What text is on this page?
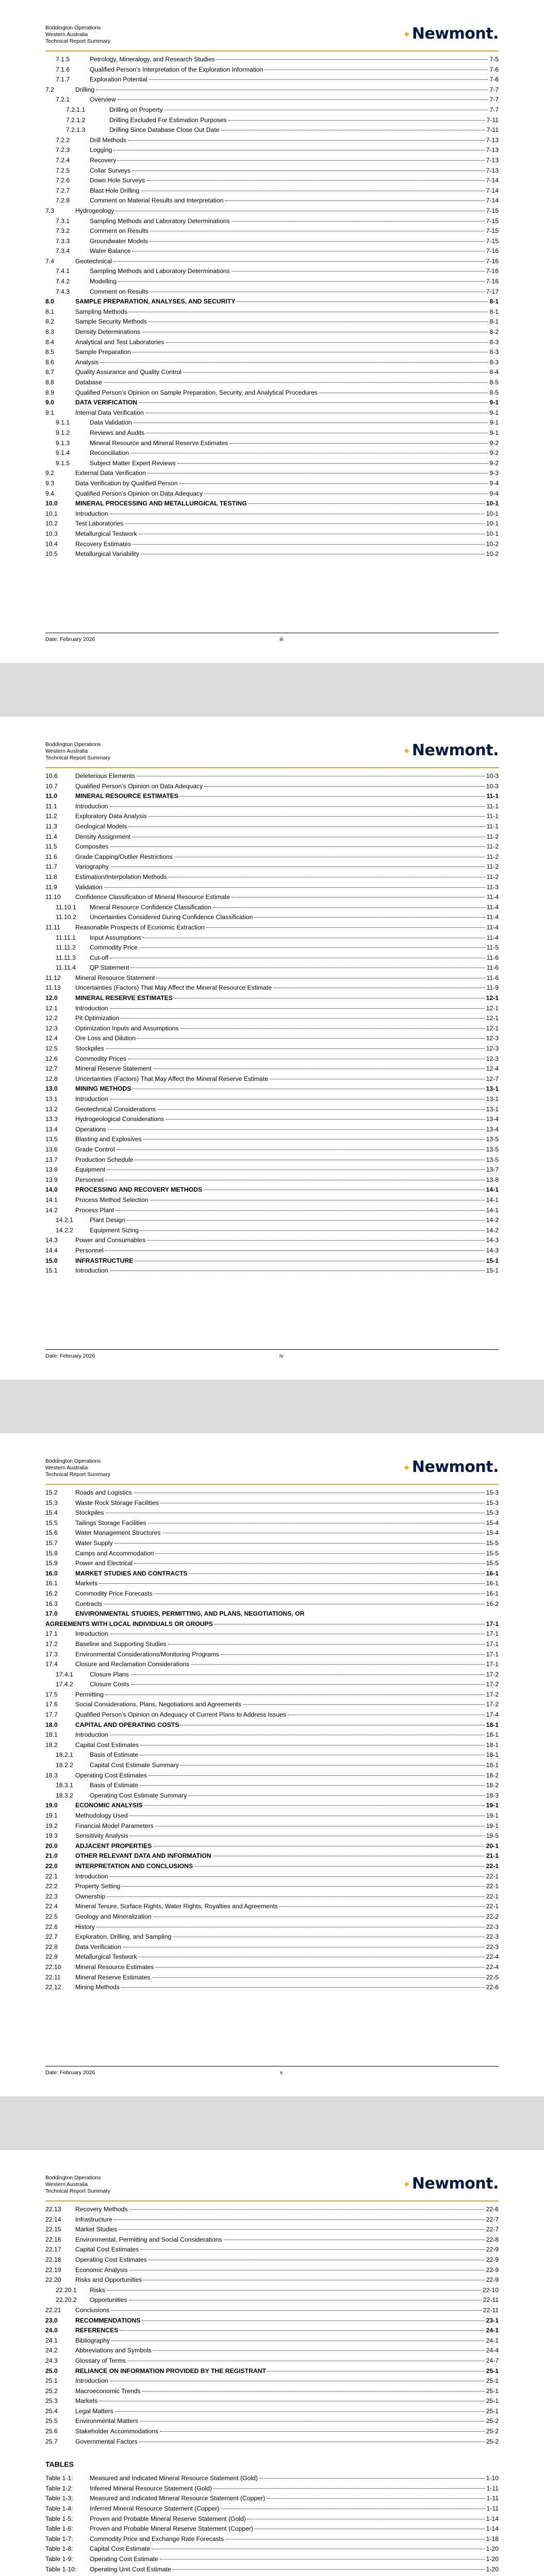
Boddington Operations
Western Australia
Technical Report Summary
✦ Newmont.
7.1.5	Petrology, Mineralogy, and Research Studies	7-5
7.1.6	Qualified Person’s Interpretation of the Exploration Information	7-6
7.1.7	Exploration Potential	7-6
7.2	Drilling	7-7
7.2.1	Overview	7-7
7.2.1.1	Drilling on Property	7-7
7.2.1.2	Drilling Excluded For Estimation Purposes	7-11
7.2.1.3	Drilling Since Database Close Out Date	7-11
7.2.2	Drill Methods	7-13
7.2.3	Logging	7-13
7.2.4	Recovery	7-13
7.2.5	Collar Surveys	7-13
7.2.6	Down Hole Surveys	7-14
7.2.7	Blast Hole Drilling	7-14
7.2.8	Comment on Material Results and Interpretation	7-14
7.3	Hydrogeology	7-15
7.3.1	Sampling Methods and Laboratory Determinations	7-15
7.3.2	Comment on Results	7-15
7.3.3	Groundwater Models	7-15
7.3.4	Water Balance	7-16
7.4	Geotechnical	7-16
7.4.1	Sampling Methods and Laboratory Determinations	7-16
7.4.2	Modelling	7-16
7.4.3	Comment on Results	7-17
8.0	SAMPLE PREPARATION, ANALYSES, AND SECURITY	8-1
8.1	Sampling Methods	8-1
8.2	Sample Security Methods	8-1
8.3	Density Determinations	8-2
8.4	Analytical and Test Laboratories	8-3
8.5	Sample Preparation	8-3
8.6	Analysis	8-3
8.7	Quality Assurance and Quality Control	8-4
8.8	Database	8-5
8.9	Qualified Person’s Opinion on Sample Preparation, Security, and Analytical Procedures	8-5
9.0	DATA VERIFICATION	9-1
9.1	Internal Data Verification	9-1
9.1.1	Data Validation	9-1
9.1.2	Reviews and Audits	9-1
9.1.3	Mineral Resource and Mineral Reserve Estimates	9-2
9.1.4	Reconciliation	9-2
9.1.5	Subject Matter Expert Reviews	9-2
9.2	External Data Verification	9-3
9.3	Data Verification by Qualified Person	9-4
9.4	Qualified Person’s Opinion on Data Adequacy	9-4
10.0	MINERAL PROCESSING AND METALLURGICAL TESTING	10-1
10.1	Introduction	10-1
10.2	Test Laboratories	10-1
10.3	Metallurgical Testwork	10-1
10.4	Recovery Estimates	10-2
10.5	Metallurgical Variability	10-2
Date: February 2026	iii
Boddington Operations
Western Australia
Technical Report Summary
✦ Newmont.
10.6	Deleterious Elements	10-3
10.7	Qualified Person’s Opinion on Data Adequacy	10-3
11.0	MINERAL RESOURCE ESTIMATES	11-1
11.1	Introduction	11-1
11.2	Exploratory Data Analysis	11-1
11.3	Geological Models	11-1
11.4	Density Assignment	11-2
11.5	Composites	11-2
11.6	Grade Capping/Outlier Restrictions	11-2
11.7	Variography	11-2
11.8	Estimation/Interpolation Methods	11-2
11.9	Validation	11-3
11.10	Confidence Classification of Mineral Resource Estimate	11-4
11.10.1	Mineral Resource Confidence Classification	11-4
11.10.2	Uncertainties Considered During Confidence Classification	11-4
11.11	Reasonable Prospects of Economic Extraction	11-4
11.11.1	Input Assumptions	11-4
11.11.2	Commodity Price	11-5
11.11.3	Cut-off	11-6
11.11.4	QP Statement	11-6
11.12	Mineral Resource Statement	11-6
11.13	Uncertainties (Factors) That May Affect the Mineral Resource Estimate	11-9
12.0	MINERAL RESERVE ESTIMATES	12-1
12.1	Introduction	12-1
12.2	Pit Optimization	12-1
12.3	Optimization Inputs and Assumptions	12-1
12.4	Ore Loss and Dilution	12-3
12.5	Stockpiles	12-3
12.6	Commodity Prices	12-3
12.7	Mineral Reserve Statement	12-4
12.8	Uncertainties (Factors) That May Affect the Mineral Reserve Estimate	12-7
13.0	MINING METHODS	13-1
13.1	Introduction	13-1
13.2	Geotechnical Considerations	13-1
13.3	Hydrogeological Considerations	13-4
13.4	Operations	13-4
13.5	Blasting and Explosives	13-5
13.6	Grade Control	13-5
13.7	Production Schedule	13-5
13.8	Equipment	13-7
13.9	Personnel	13-8
14.0	PROCESSING AND RECOVERY METHODS	14-1
14.1	Process Method Selection	14-1
14.2	Process Plant	14-1
14.2.1	Plant Design	14-2
14.2.2	Equipment Sizing	14-2
14.3	Power and Consumables	14-3
14.4	Personnel	14-3
15.0	INFRASTRUCTURE	15-1
15.1	Introduction	15-1
Date: February 2026	iv
Boddington Operations
Western Australia
Technical Report Summary
✦ Newmont.
15.2	Roads and Logistics	15-3
15.3	Waste Rock Storage Facilities	15-3
15.4	Stockpiles	15-3
15.5	Tailings Storage Facilities	15-4
15.6	Water Management Structures	15-4
15.7	Water Supply	15-5
15.8	Camps and Accommodation	15-5
15.9	Power and Electrical	15-5
16.0	MARKET STUDIES AND CONTRACTS	16-1
16.1	Markets	16-1
16.2	Commodity Price Forecasts	16-1
16.3	Contracts	16-2
17.0	ENVIRONMENTAL STUDIES, PERMITTING, AND PLANS, NEGOTIATIONS, OR
AGREEMENTS WITH LOCAL INDIVIDUALS OR GROUPS	17-1
17.1	Introduction	17-1
17.2	Baseline and Supporting Studies	17-1
17.3	Environmental Considerations/Monitoring Programs	17-1
17.4	Closure and Reclamation Considerations	17-1
17.4.1	Closure Plans	17-2
17.4.2	Closure Costs	17-2
17.5	Permitting	17-2
17.6	Social Considerations, Plans, Negotiations and Agreements	17-2
17.7	Qualified Person’s Opinion on Adequacy of Current Plans to Address Issues	17-4
18.0	CAPITAL AND OPERATING COSTS	18-1
18.1	Introduction	18-1
18.2	Capital Cost Estimates	18-1
18.2.1	Basis of Estimate	18-1
18.2.2	Capital Cost Estimate Summary	18-1
18.3	Operating Cost Estimates	18-2
18.3.1	Basis of Estimate	18-2
18.3.2	Operating Cost Estimate Summary	18-3
19.0	ECONOMIC ANALYSIS	19-1
19.1	Methodology Used	19-1
19.2	Financial Model Parameters	19-1
19.3	Sensitivity Analysis	19-5
20.0	ADJACENT PROPERTIES	20-1
21.0	OTHER RELEVANT DATA AND INFORMATION	21-1
22.0	INTERPRETATION AND CONCLUSIONS	22-1
22.1	Introduction	22-1
22.2	Property Setting	22-1
22.3	Ownership	22-1
22.4	Mineral Tenure, Surface Rights, Water Rights, Royalties and Agreements	22-1
22.5	Geology and Mineralization	22-2
22.6	History	22-3
22.7	Exploration, Drilling, and Sampling	22-3
22.8	Data Verification	22-3
22.9	Metallurgical Testwork	22-4
22.10	Mineral Resource Estimates	22-4
22.11	Mineral Reserve Estimates	22-5
22.12	Mining Methods	22-6
Date: February 2026	v
Boddington Operations
Western Australia
Technical Report Summary
✦ Newmont.
22.13	Recovery Methods	22-6
22.14	Infrastructure	22-7
22.15	Market Studies	22-7
22.16	Environmental, Permitting and Social Considerations	22-8
22.17	Capital Cost Estimates	22-9
22.18	Operating Cost Estimates	22-9
22.19	Economic Analysis	22-9
22.20	Risks and Opportunities	22-9
22.20.1	Risks	22-10
22.20.2	Opportunities	22-11
22.21	Conclusions	22-11
23.0	RECOMMENDATIONS	23-1
24.0	REFERENCES	24-1
24.1	Bibliography	24-1
24.2	Abbreviations and Symbols	24-4
24.3	Glossary of Terms	24-7
25.0	RELIANCE ON INFORMATION PROVIDED BY THE REGISTRANT	25-1
25.1	Introduction	25-1
25.2	Macroeconomic Trends	25-1
25.3	Markets	25-1
25.4	Legal Matters	25-1
25.5	Environmental Matters	25-2
25.6	Stakeholder Accommodations	25-2
25.7	Governmental Factors	25-2
TABLES
Table 1-1:	Measured and Indicated Mineral Resource Statement (Gold)	1-10
Table 1-2:	Inferred Mineral Resource Statement (Gold)	1-11
Table 1-3:	Measured and Indicated Mineral Resource Statement (Copper)	1-11
Table 1-4:	Inferred Mineral Resource Statement (Copper)	1-11
Table 1-5:	Proven and Probable Mineral Reserve Statement (Gold)	1-14
Table 1-6:	Proven and Probable Mineral Reserve Statement (Copper)	1-14
Table 1-7:	Commodity Price and Exchange Rate Forecasts	1-18
Table 1-8:	Capital Cost Estimate	1-20
Table 1-9:	Operating Cost Estimate	1-20
Table 1-10:	Operating Unit Cost Estimate	1-20
